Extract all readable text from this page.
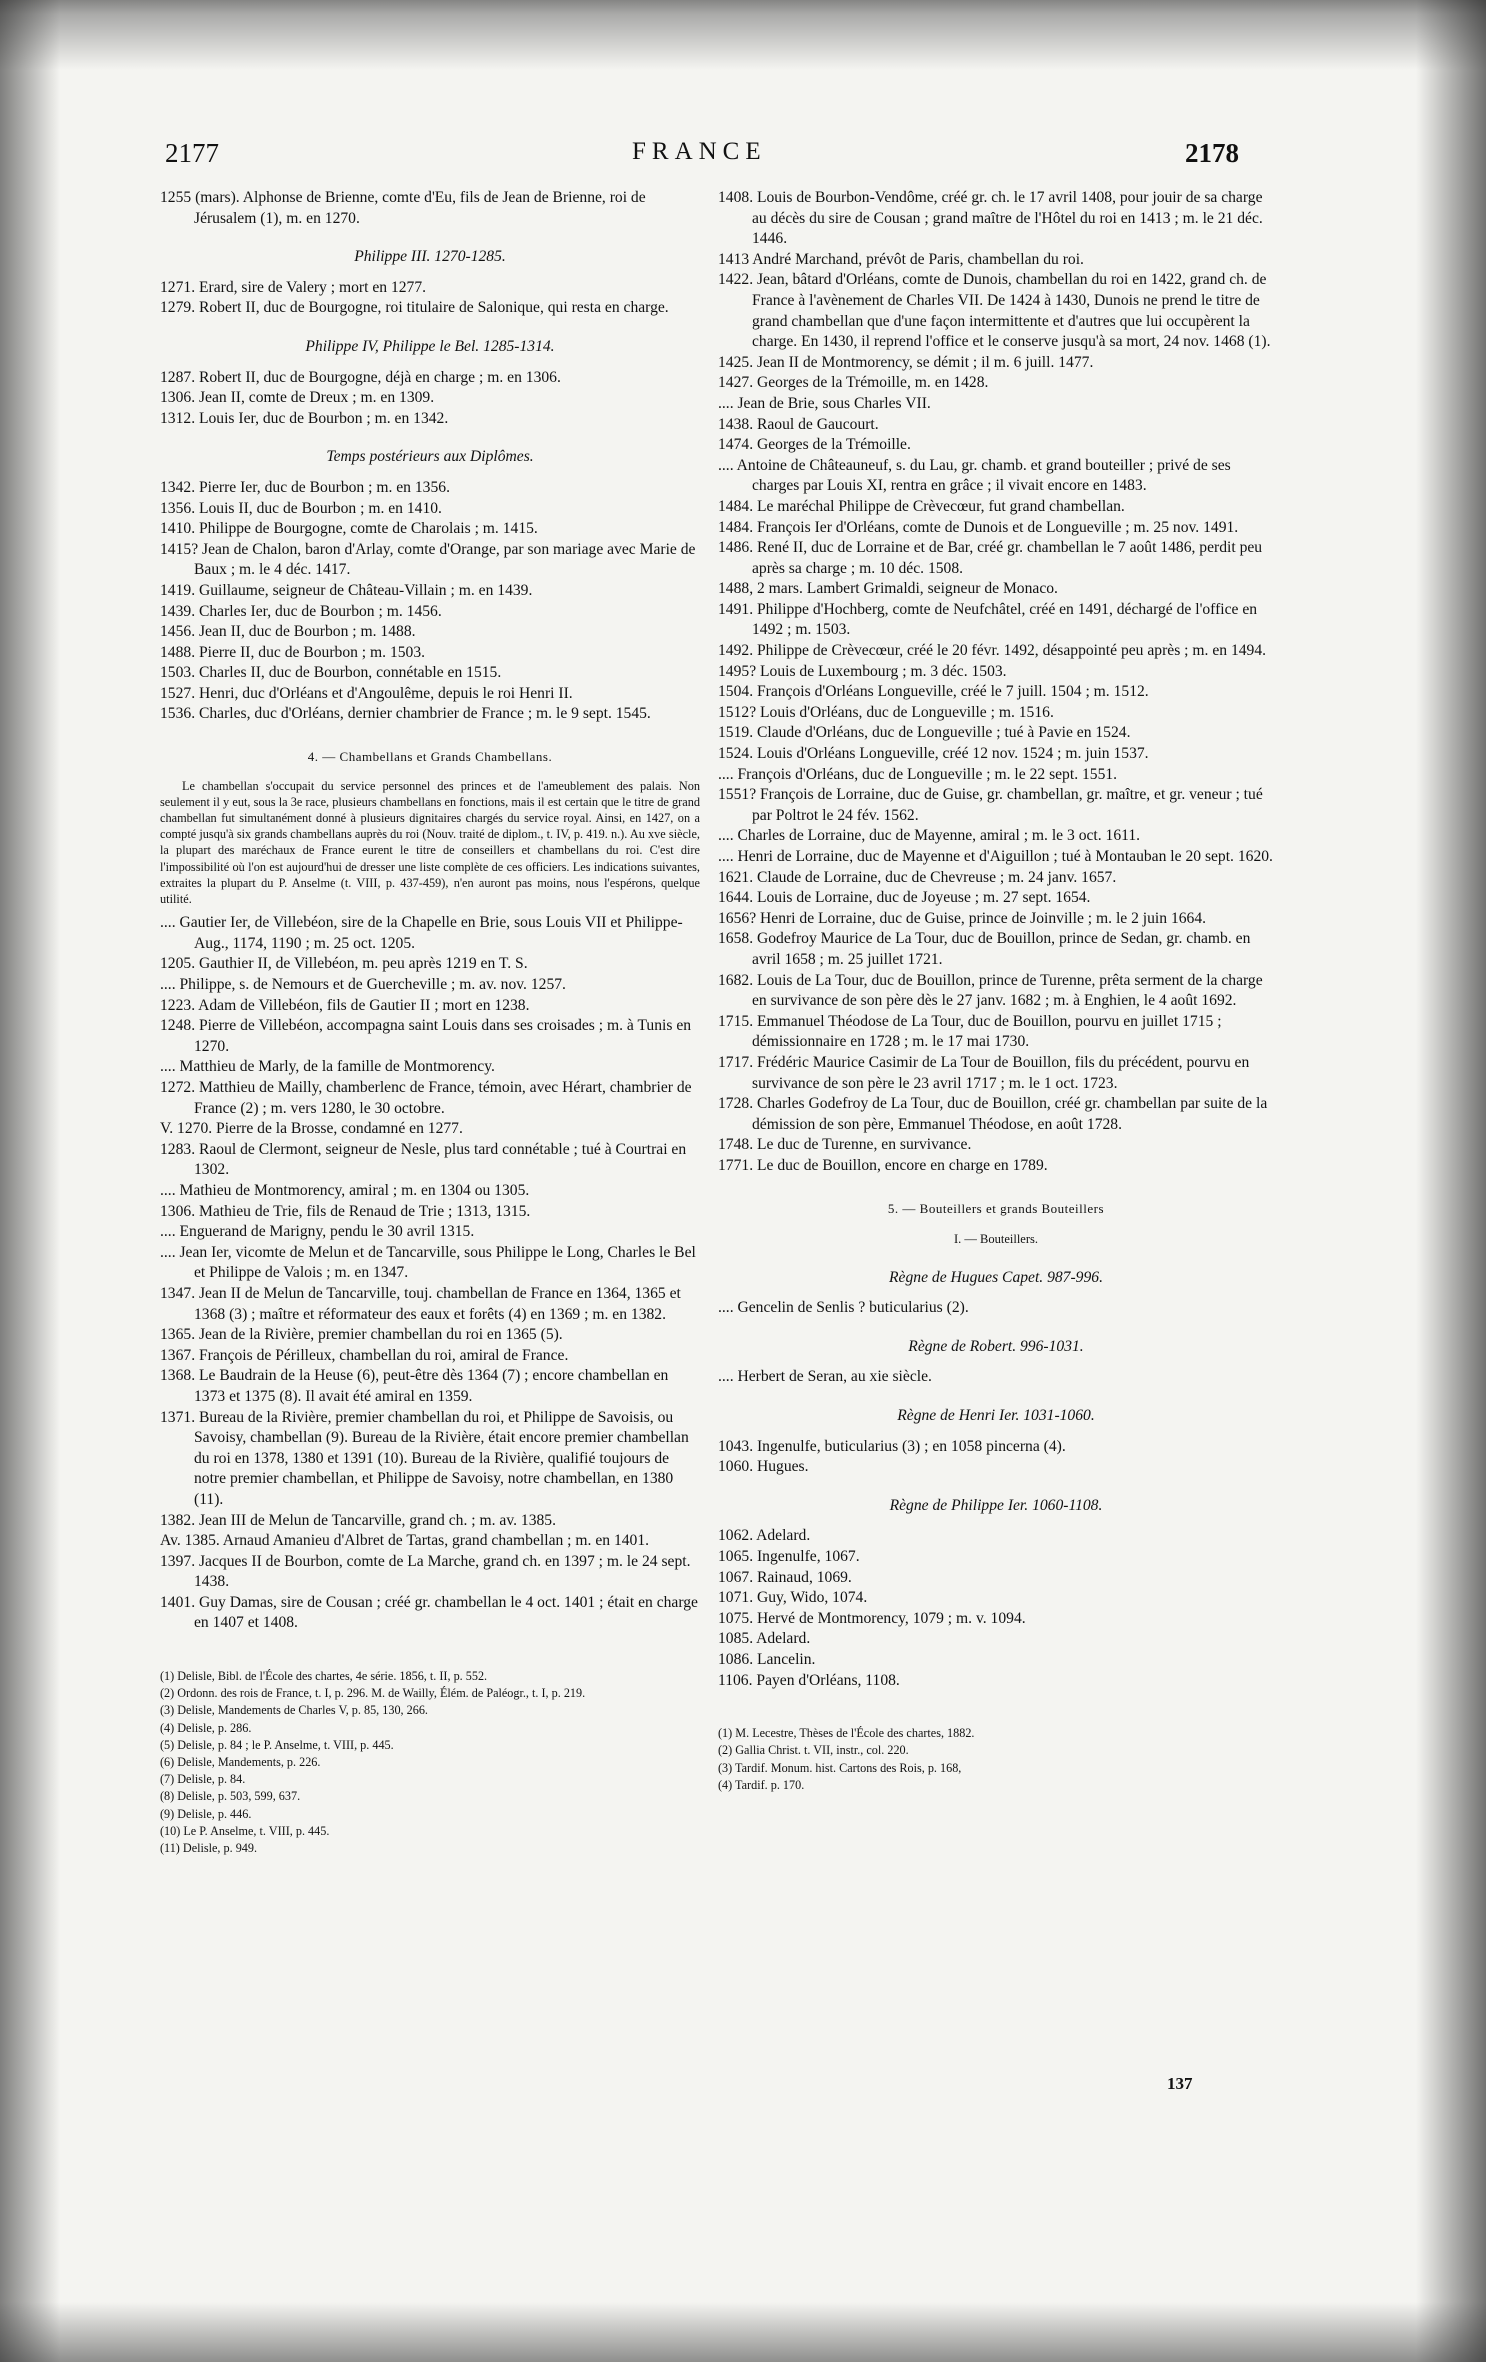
2177	FRANCE	2178
1255 (mars). Alphonse de Brienne, comte d'Eu, fils de Jean de Brienne, roi de Jérusalem (1), m. en 1270.
Philippe III. 1270-1285.
1271. Erard, sire de Valery ; mort en 1277.
1279. Robert II, duc de Bourgogne, roi titulaire de Salonique, qui resta en charge.
Philippe IV, Philippe le Bel. 1285-1314.
1287. Robert II, duc de Bourgogne, déjà en charge ; m. en 1306.
1306. Jean II, comte de Dreux ; m. en 1309.
1312. Louis Ier, duc de Bourbon ; m. en 1342.
Temps postérieurs aux Diplômes.
1342. Pierre Ier, duc de Bourbon ; m. en 1356.
1356. Louis II, duc de Bourbon ; m. en 1410.
1410. Philippe de Bourgogne, comte de Charolais ; m. 1415.
1415? Jean de Chalon, baron d'Arlay, comte d'Orange, par son mariage avec Marie de Baux ; m. le 4 déc. 1417.
1419. Guillaume, seigneur de Château-Villain ; m. en 1439.
1439. Charles Ier, duc de Bourbon ; m. 1456.
1456. Jean II, duc de Bourbon ; m. 1488.
1488. Pierre II, duc de Bourbon ; m. 1503.
1503. Charles II, duc de Bourbon, connétable en 1515.
1527. Henri, duc d'Orléans et d'Angoulême, depuis le roi Henri II.
1536. Charles, duc d'Orléans, dernier chambrier de France ; m. le 9 sept. 1545.
4. — Chambellans et Grands Chambellans.
Le chambellan s'occupait du service personnel des princes et de l'ameublement des palais. Non seulement il y eut, sous la 3e race, plusieurs chambellans en fonctions, mais il est certain que le titre de grand chambellan fut simultanément donné à plusieurs dignitaires chargés du service royal. Ainsi, en 1427, on a compté jusqu'à six grands chambellans auprès du roi (Nouv. traité de diplom., t. IV, p. 419. n.). Au xve siècle, la plupart des maréchaux de France eurent le titre de conseillers et chambellans du roi. C'est dire l'impossibilité où l'on est aujourd'hui de dresser une liste complète de ces officiers. Les indications suivantes, extraites la plupart du P. Anselme (t. VIII, p. 437-459), n'en auront pas moins, nous l'espérons, quelque utilité.
.... Gautier Ier, de Villebéon, sire de la Chapelle en Brie, sous Louis VII et Philippe-Aug., 1174, 1190 ; m. 25 oct. 1205.
1205. Gauthier II, de Villebéon, m. peu après 1219 en T. S.
.... Philippe, s. de Nemours et de Guercheville ; m. av. nov. 1257.
1223. Adam de Villebéon, fils de Gautier II ; mort en 1238.
1248. Pierre de Villebéon, accompagna saint Louis dans ses croisades ; m. à Tunis en 1270.
.... Matthieu de Marly, de la famille de Montmorency.
1272. Matthieu de Mailly, chamberlenc de France, témoin, avec Hérart, chambrier de France (2) ; m. vers 1280, le 30 octobre.
V. 1270. Pierre de la Brosse, condamné en 1277.
1283. Raoul de Clermont, seigneur de Nesle, plus tard connétable ; tué à Courtrai en 1302.
.... Mathieu de Montmorency, amiral ; m. en 1304 ou 1305.
1306. Mathieu de Trie, fils de Renaud de Trie ; 1313, 1315.
.... Enguerand de Marigny, pendu le 30 avril 1315.
.... Jean Ier, vicomte de Melun et de Tancarville, sous Philippe le Long, Charles le Bel et Philippe de Valois ; m. en 1347.
1347. Jean II de Melun de Tancarville, touj. chambellan de France en 1364, 1365 et 1368 (3) ; maître et réformateur des eaux et forêts (4) en 1369 ; m. en 1382.
1365. Jean de la Rivière, premier chambellan du roi en 1365 (5).
1367. François de Périlleux, chambellan du roi, amiral de France.
1368. Le Baudrain de la Heuse (6), peut-être dès 1364 (7) ; encore chambellan en 1373 et 1375 (8). Il avait été amiral en 1359.
1371. Bureau de la Rivière, premier chambellan du roi, et Philippe de Savoisis, ou Savoisy, chambellan (9). Bureau de la Rivière, était encore premier chambellan du roi en 1378, 1380 et 1391 (10). Bureau de la Rivière, qualifié toujours de notre premier chambellan, et Philippe de Savoisy, notre chambellan, en 1380 (11).
1382. Jean III de Melun de Tancarville, grand ch. ; m. av. 1385.
Av. 1385. Arnaud Amanieu d'Albret de Tartas, grand chambellan ; m. en 1401.
1397. Jacques II de Bourbon, comte de La Marche, grand ch. en 1397 ; m. le 24 sept. 1438.
1401. Guy Damas, sire de Cousan ; créé gr. chambellan le 4 oct. 1401 ; était en charge en 1407 et 1408.
(1) Delisle, Bibl. de l'École des chartes, 4e série. 1856, t. II, p. 552.
(2) Ordonn. des rois de France, t. I, p. 296. M. de Wailly, Élém. de Paléogr., t. I, p. 219.
(3) Delisle, Mandements de Charles V, p. 85, 130, 266.
(4) Delisle, p. 286.
(5) Delisle, p. 84 ; le P. Anselme, t. VIII, p. 445.
(6) Delisle, Mandements, p. 226.
(7) Delisle, p. 84.
(8) Delisle, p. 503, 599, 637.
(9) Delisle, p. 446.
(10) Le P. Anselme, t. VIII, p. 445.
(11) Delisle, p. 949.
1408. Louis de Bourbon-Vendôme, créé gr. ch. le 17 avril 1408, pour jouir de sa charge au décès du sire de Cousan ; grand maître de l'Hôtel du roi en 1413 ; m. le 21 déc. 1446.
1413 André Marchand, prévôt de Paris, chambellan du roi.
1422. Jean, bâtard d'Orléans, comte de Dunois, chambellan du roi en 1422, grand ch. de France à l'avènement de Charles VII. De 1424 à 1430, Dunois ne prend le titre de grand chambellan que d'une façon intermittente et d'autres que lui occupèrent la charge. En 1430, il reprend l'office et le conserve jusqu'à sa mort, 24 nov. 1468 (1).
1425. Jean II de Montmorency, se démit ; il m. 6 juill. 1477.
1427. Georges de la Trémoille, m. en 1428.
.... Jean de Brie, sous Charles VII.
1438. Raoul de Gaucourt.
1474. Georges de la Trémoille.
.... Antoine de Châteauneuf, s. du Lau, gr. chamb. et grand bouteiller ; privé de ses charges par Louis XI, rentra en grâce ; il vivait encore en 1483.
1484. Le maréchal Philippe de Crèvecœur, fut grand chambellan.
1484. François Ier d'Orléans, comte de Dunois et de Longueville ; m. 25 nov. 1491.
1486. René II, duc de Lorraine et de Bar, créé gr. chambellan le 7 août 1486, perdit peu après sa charge ; m. 10 déc. 1508.
1488, 2 mars. Lambert Grimaldi, seigneur de Monaco.
1491. Philippe d'Hochberg, comte de Neufchâtel, créé en 1491, déchargé de l'office en 1492 ; m. 1503.
1492. Philippe de Crèvecœur, créé le 20 févr. 1492, désappointé peu après ; m. en 1494.
1495? Louis de Luxembourg ; m. 3 déc. 1503.
1504. François d'Orléans Longueville, créé le 7 juill. 1504 ; m. 1512.
1512? Louis d'Orléans, duc de Longueville ; m. 1516.
1519. Claude d'Orléans, duc de Longueville ; tué à Pavie en 1524.
1524. Louis d'Orléans Longueville, créé 12 nov. 1524 ; m. juin 1537.
.... François d'Orléans, duc de Longueville ; m. le 22 sept. 1551.
1551? François de Lorraine, duc de Guise, gr. chambellan, gr. maître, et gr. veneur ; tué par Poltrot le 24 fév. 1562.
.... Charles de Lorraine, duc de Mayenne, amiral ; m. le 3 oct. 1611.
.... Henri de Lorraine, duc de Mayenne et d'Aiguillon ; tué à Montauban le 20 sept. 1620.
1621. Claude de Lorraine, duc de Chevreuse ; m. 24 janv. 1657.
1644. Louis de Lorraine, duc de Joyeuse ; m. 27 sept. 1654.
1656? Henri de Lorraine, duc de Guise, prince de Joinville ; m. le 2 juin 1664.
1658. Godefroy Maurice de La Tour, duc de Bouillon, prince de Sedan, gr. chamb. en avril 1658 ; m. 25 juillet 1721.
1682. Louis de La Tour, duc de Bouillon, prince de Turenne, prêta serment de la charge en survivance de son père dès le 27 janv. 1682 ; m. à Enghien, le 4 août 1692.
1715. Emmanuel Théodose de La Tour, duc de Bouillon, pourvu en juillet 1715 ; démissionnaire en 1728 ; m. le 17 mai 1730.
1717. Frédéric Maurice Casimir de La Tour de Bouillon, fils du précédent, pourvu en survivance de son père le 23 avril 1717 ; m. le 1 oct. 1723.
1728. Charles Godefroy de La Tour, duc de Bouillon, créé gr. chambellan par suite de la démission de son père, Emmanuel Théodose, en août 1728.
1748. Le duc de Turenne, en survivance.
1771. Le duc de Bouillon, encore en charge en 1789.
5. — Bouteillers et grands Bouteillers
I. — Bouteillers.
Règne de Hugues Capet. 987-996.
.... Gencelin de Senlis ? buticularius (2).
Règne de Robert. 996-1031.
.... Herbert de Seran, au xie siècle.
Règne de Henri Ier. 1031-1060.
1043. Ingenulfe, buticularius (3) ; en 1058 pincerna (4).
1060. Hugues.
Règne de Philippe Ier. 1060-1108.
1062. Adelard.
1065. Ingenulfe, 1067.
1067. Rainaud, 1069.
1071. Guy, Wido, 1074.
1075. Hervé de Montmorency, 1079 ; m. v. 1094.
1085. Adelard.
1086. Lancelin.
1106. Payen d'Orléans, 1108.
(1) M. Lecestre, Thèses de l'École des chartes, 1882.
(2) Gallia Christ. t. VII, instr., col. 220.
(3) Tardif. Monum. hist. Cartons des Rois, p. 168,
(4) Tardif. p. 170.
137
